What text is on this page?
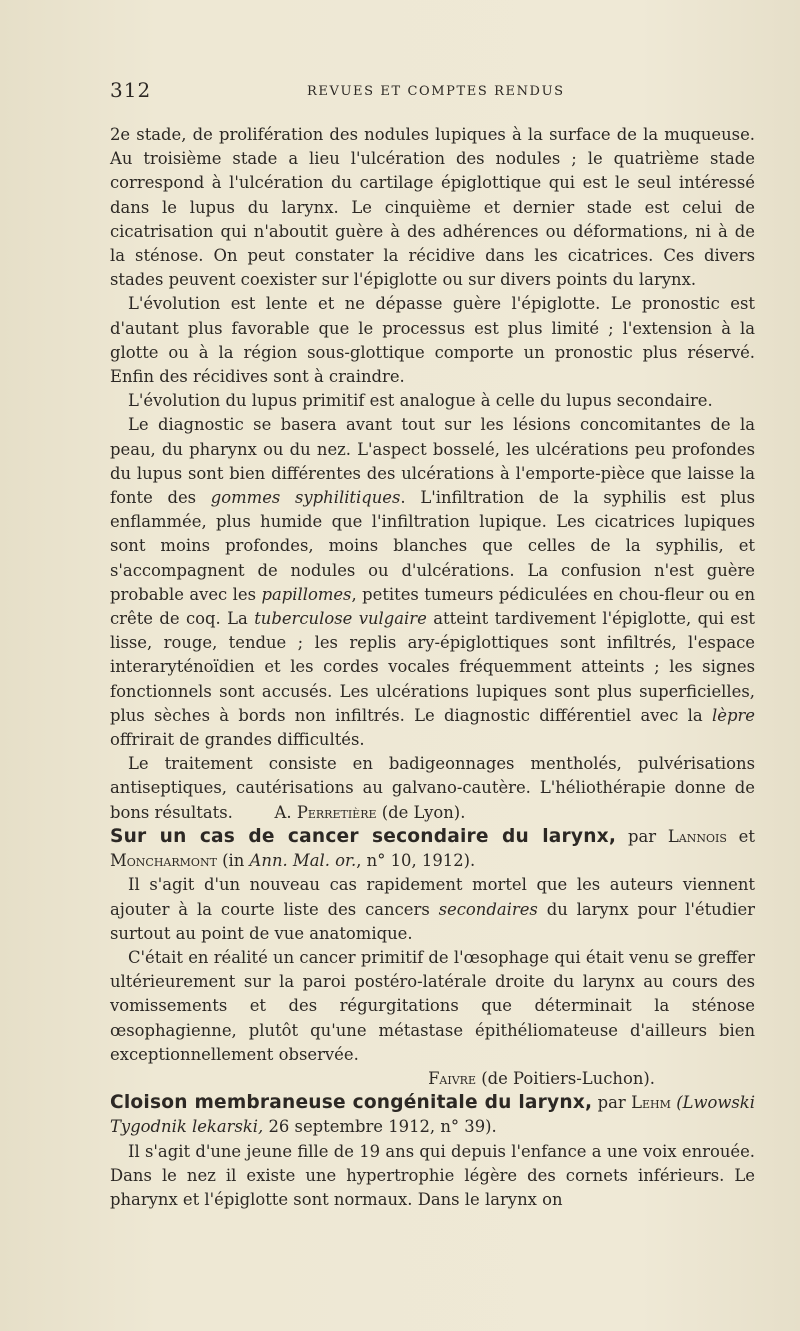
312	REVUES ET COMPTES RENDUS

2e stade, de prolifération des nodules lupiques à la surface de la muqueuse. Au troisième stade a lieu l'ulcération des nodules ; le quatrième stade correspond à l'ulcération du cartilage épiglottique qui est le seul intéressé dans le lupus du larynx. Le cinquième et dernier stade est celui de cicatrisation qui n'aboutit guère à des adhérences ou déformations, ni à de la sténose. On peut constater la récidive dans les cicatrices. Ces divers stades peuvent coexister sur l'épiglotte ou sur divers points du larynx.

L'évolution est lente et ne dépasse guère l'épiglotte. Le pronostic est d'autant plus favorable que le processus est plus limité ; l'extension à la glotte ou à la région sous-glottique comporte un pronostic plus réservé. Enfin des récidives sont à craindre.

L'évolution du lupus primitif est analogue à celle du lupus secondaire.

Le diagnostic se basera avant tout sur les lésions concomitantes de la peau, du pharynx ou du nez. L'aspect bosselé, les ulcérations peu profondes du lupus sont bien différentes des ulcérations à l'emporte-pièce que laisse la fonte des gommes syphilitiques. L'infiltration de la syphilis est plus enflammée, plus humide que l'infiltration lupique. Les cicatrices lupiques sont moins profondes, moins blanches que celles de la syphilis, et s'accompagnent de nodules ou d'ulcérations. La confusion n'est guère probable avec les papillomes, petites tumeurs pédiculées en chou-fleur ou en crête de coq. La tuberculose vulgaire atteint tardivement l'épiglotte, qui est lisse, rouge, tendue ; les replis ary-épiglottiques sont infiltrés, l'espace interaryténoïdien et les cordes vocales fréquemment atteints ; les signes fonctionnels sont accusés. Les ulcérations lupiques sont plus superficielles, plus sèches à bords non infiltrés. Le diagnostic différentiel avec la lèpre offrirait de grandes difficultés.

Le traitement consiste en badigeonnages mentholés, pulvérisations antiseptiques, cautérisations au galvano-cautère. L'héliothérapie donne de bons résultats.	A. Perretière (de Lyon).

Sur un cas de cancer secondaire du larynx, par Lannois et Moncharmont (in Ann. Mal. or., n° 10, 1912).

Il s'agit d'un nouveau cas rapidement mortel que les auteurs viennent ajouter à la courte liste des cancers secondaires du larynx pour l'étudier surtout au point de vue anatomique.

C'était en réalité un cancer primitif de l'œsophage qui était venu se greffer ultérieurement sur la paroi postéro-latérale droite du larynx au cours des vomissements et des régurgitations que déterminait la sténose œsophagienne, plutôt qu'une métastase épithéliomateuse d'ailleurs bien exceptionnellement observée.

Faivre (de Poitiers-Luchon).

Cloison membraneuse congénitale du larynx, par Lehm (Lwowski Tygodnik lekarski, 26 septembre 1912, n° 39).

Il s'agit d'une jeune fille de 19 ans qui depuis l'enfance a une voix enrouée. Dans le nez il existe une hypertrophie légère des cornets inférieurs. Le pharynx et l'épiglotte sont normaux. Dans le larynx on
